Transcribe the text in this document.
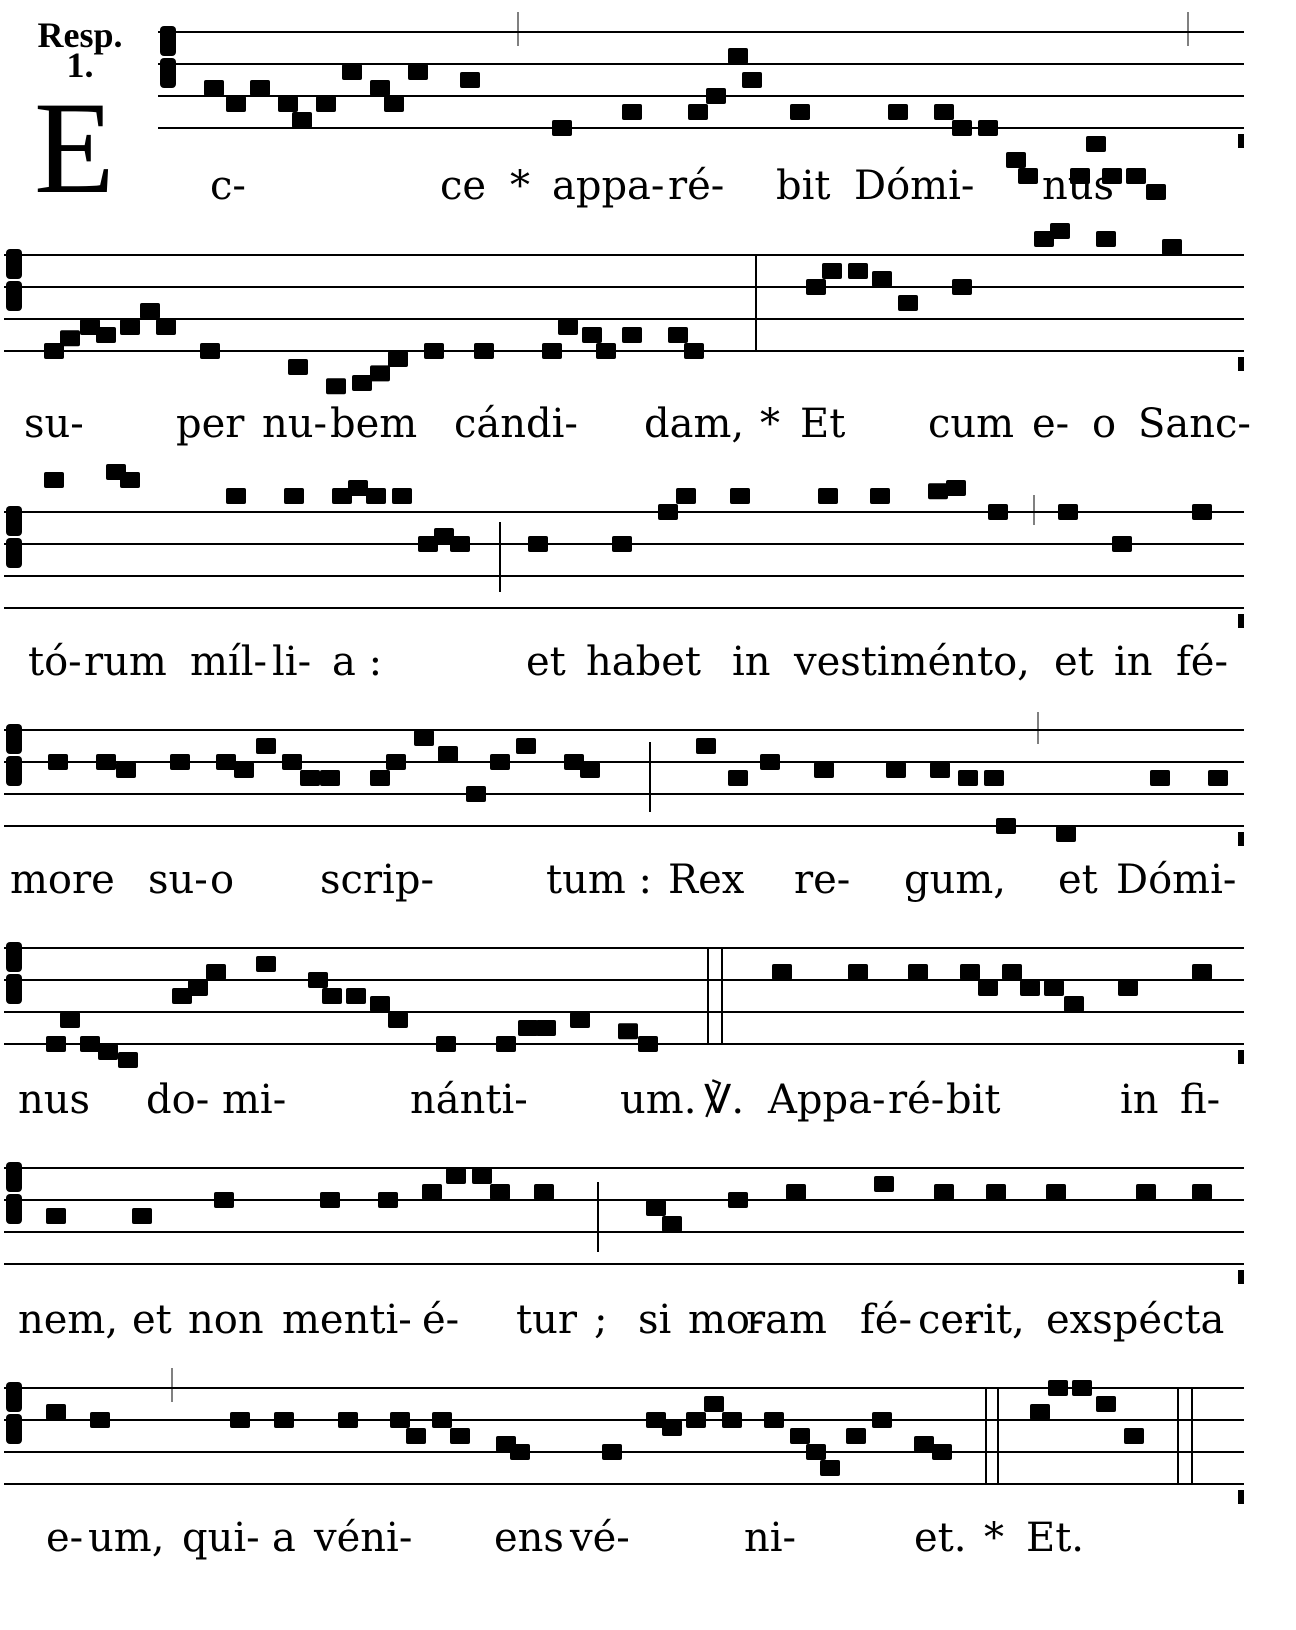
Resp.
1.
E c-	ce * appa- ré- bit Dómi- nus
su- per nu- bem cándi- dam, * Et cum e- o Sanc-
tó- rum míl- li- a :	et habet in vestiménto, et in fé-
more su- o scrip-	tum : Rex re- gum, et Dómi-
nus do- mi-	nánti- um. ℣. Appa- ré- bit	in fi-
nem, et non menti- é- tur ; si mo-
ram fé- ce-
rit, exspécta
e- um, qui- a véni- ens vé-	ni-	et. * Et.
